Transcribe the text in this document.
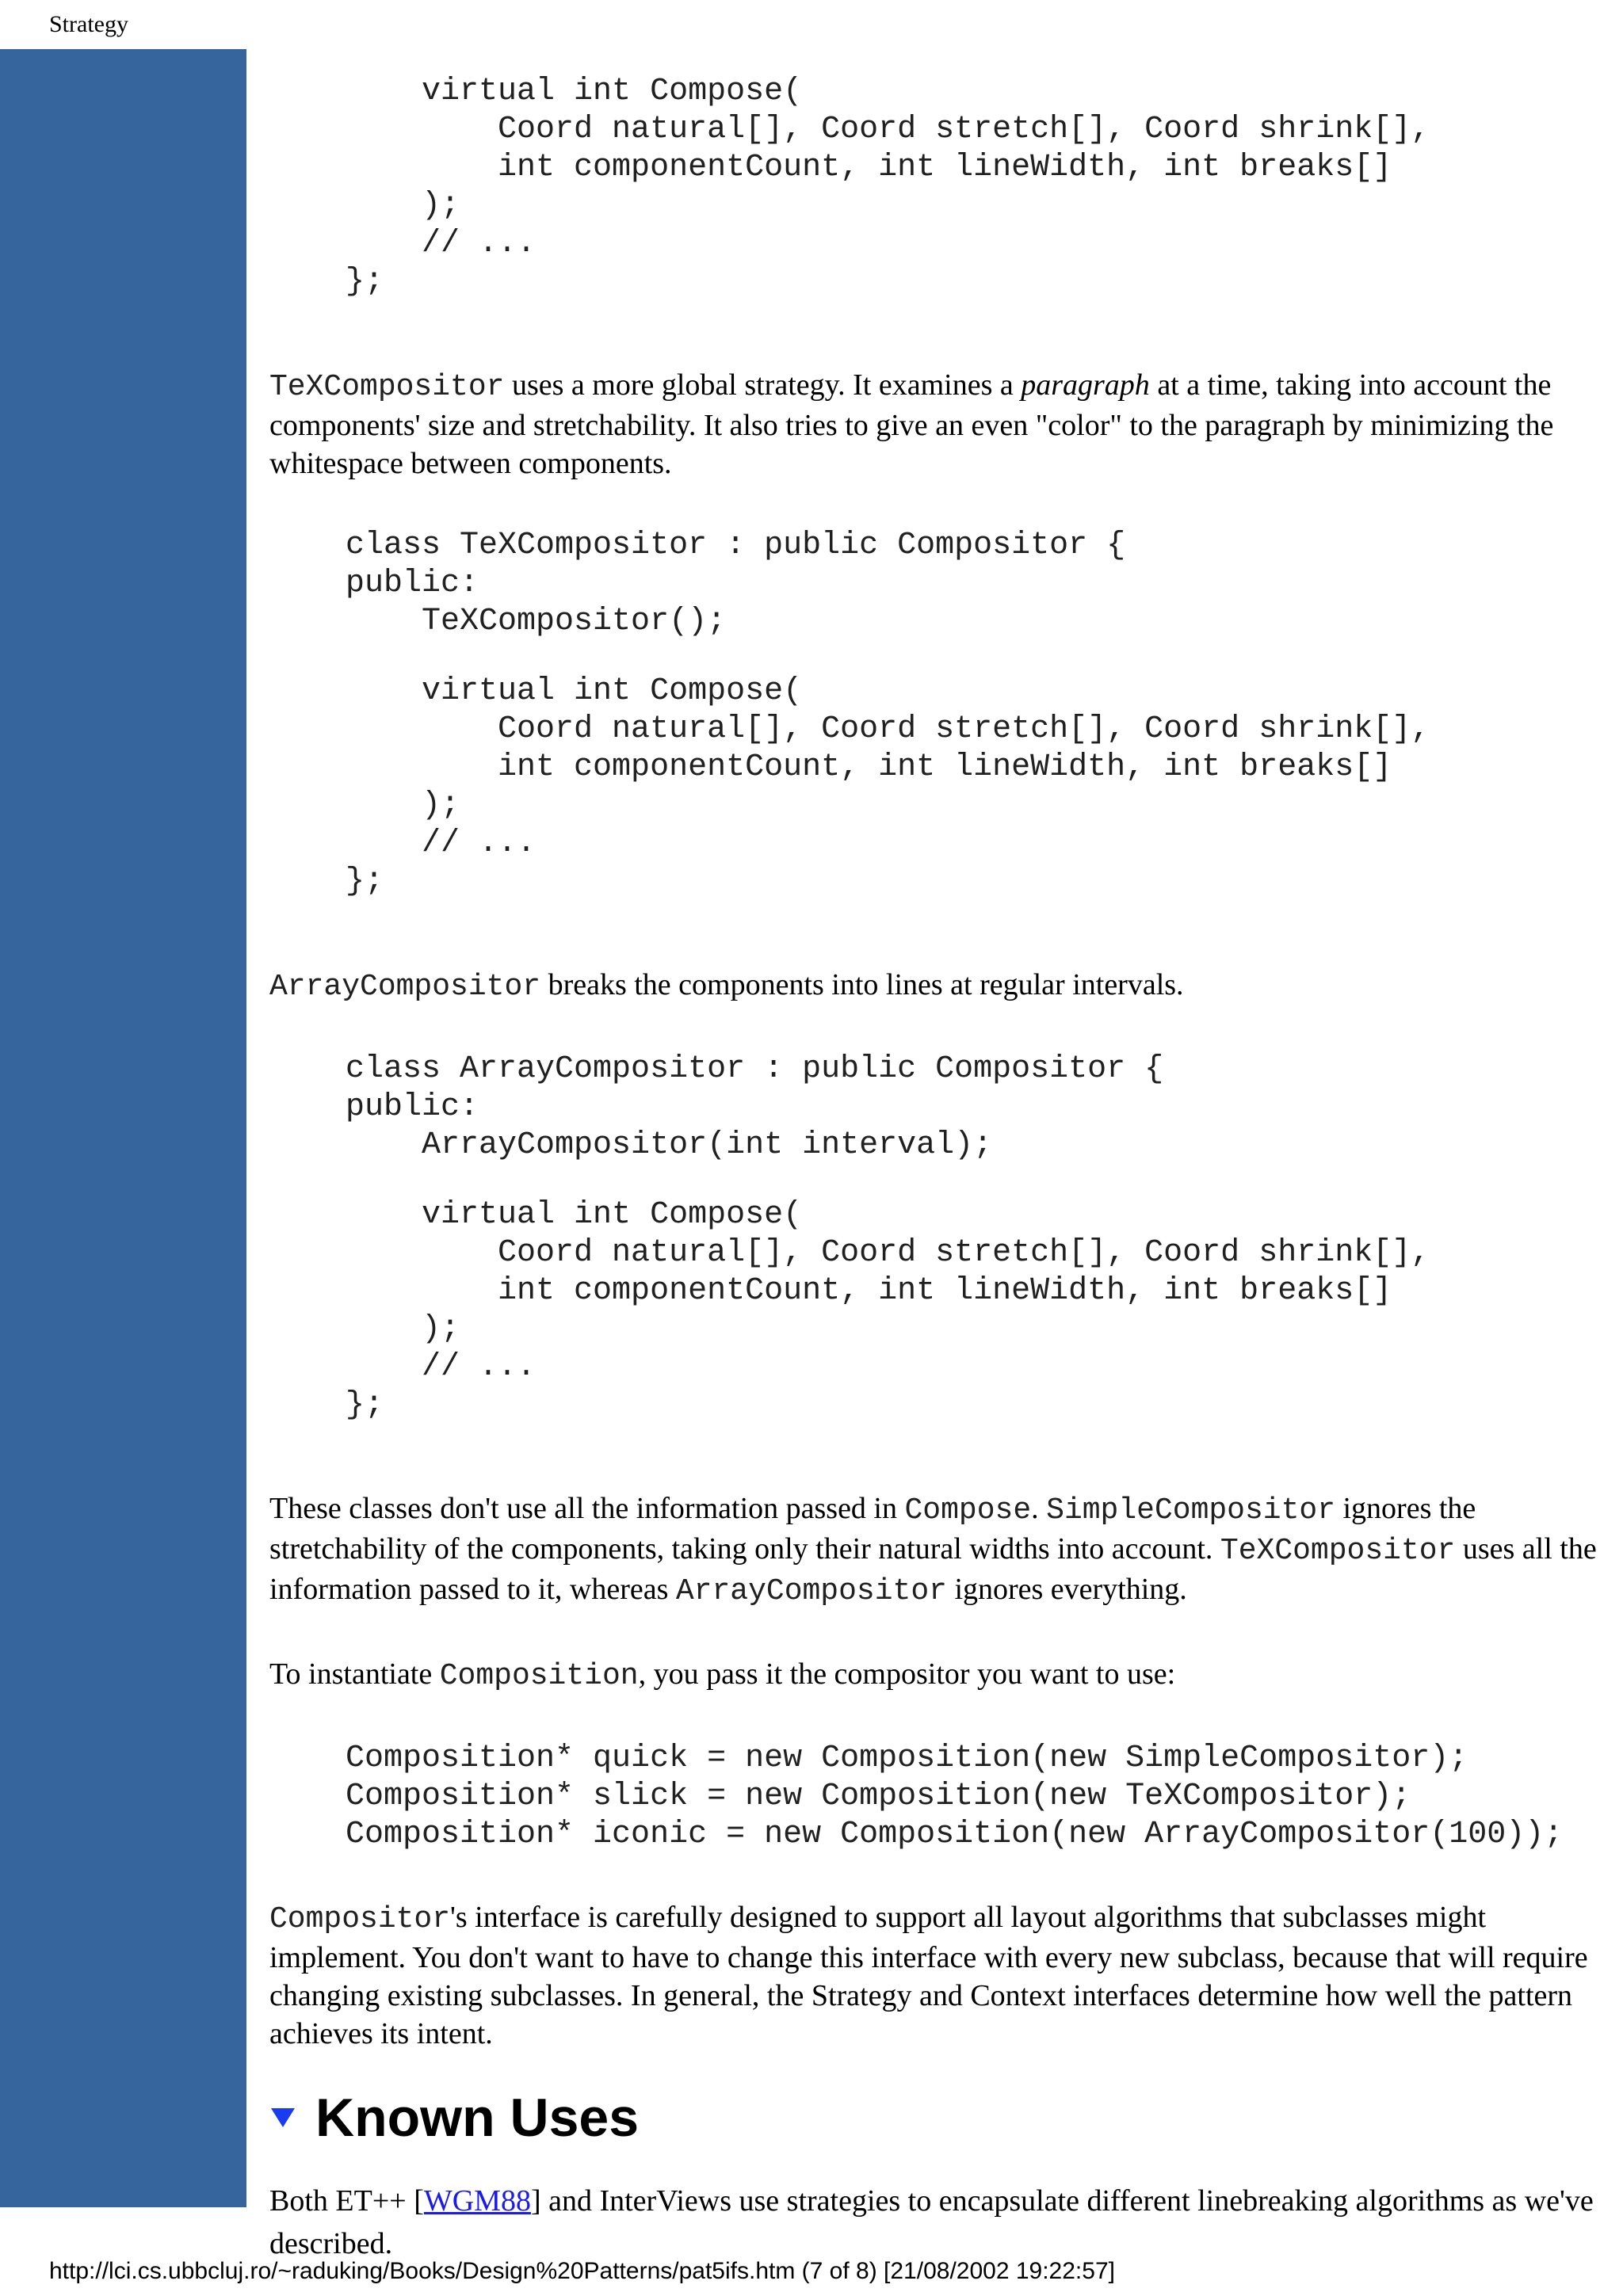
Strategy
virtual int Compose(
Coord natural[], Coord stretch[], Coord shrink[],
int componentCount, int lineWidth, int breaks[]
);
// ...
};

TeXCompositor uses a more global strategy. It examines a paragraph at a time, taking into account the components' size and stretchability. It also tries to give an even "color" to the paragraph by minimizing the whitespace between components.

class TeXCompositor : public Compositor {
public:
TeXCompositor();
virtual int Compose(
Coord natural[], Coord stretch[], Coord shrink[],
int componentCount, int lineWidth, int breaks[]
);
// ...
};

ArrayCompositor breaks the components into lines at regular intervals.

class ArrayCompositor : public Compositor {
public:
ArrayCompositor(int interval);
virtual int Compose(
Coord natural[], Coord stretch[], Coord shrink[],
int componentCount, int lineWidth, int breaks[]
);
// ...
};

These classes don't use all the information passed in Compose. SimpleCompositor ignores the stretchability of the components, taking only their natural widths into account. TeXCompositor uses all the information passed to it, whereas ArrayCompositor ignores everything.

To instantiate Composition, you pass it the compositor you want to use:

Composition* quick = new Composition(new SimpleCompositor);
Composition* slick = new Composition(new TeXCompositor);
Composition* iconic = new Composition(new ArrayCompositor(100));

Compositor's interface is carefully designed to support all layout algorithms that subclasses might implement. You don't want to have to change this interface with every new subclass, because that will require changing existing subclasses. In general, the Strategy and Context interfaces determine how well the pattern achieves its intent.

Known Uses

Both ET++ [WGM88] and InterViews use strategies to encapsulate different linebreaking algorithms as we've described.

http://lci.cs.ubbcluj.ro/~raduking/Books/Design%20Patterns/pat5ifs.htm (7 of 8) [21/08/2002 19:22:57]
